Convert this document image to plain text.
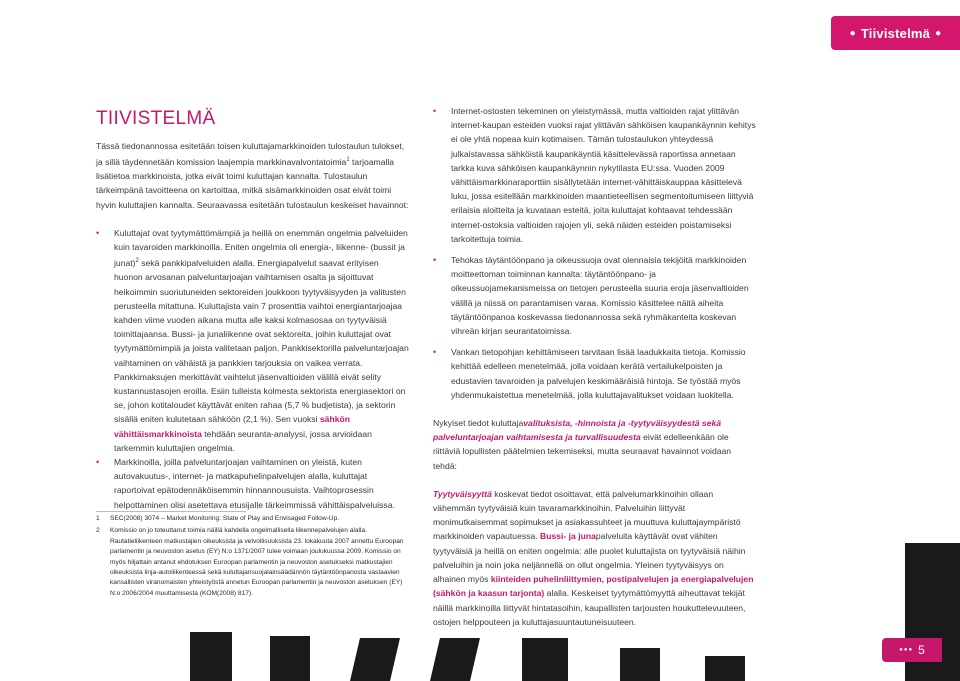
● Tiivistelmä ●
TIIVISTELMÄ

Tässä tiedonannossa esitetään toisen kuluttajamarkkinoiden tulostaulun tulokset, ja sillä täydennetään komission laajempia markkinavalvontatoimia$^1$ tarjoamalla lisätietoa markkinoista, jotka eivät toimi kuluttajan kannalta. Tulostaulun tärkeimpänä tavoitteena on kartoittaa, mitkä sisämarkkinoiden osat eivät toimi hyvin kuluttajien kannalta. Seuraavassa esitetään tulostaulun keskeiset havainnot:

• Kuluttajat ovat tyytymättömämpiä ja heillä on enemmän ongelmia palveluiden kuin tavaroiden markkinoilla. Eniten ongelmia oli energia-, liikenne- (bussit ja junat)$^2$ sekä pankkipalveluiden alalla. Energiapalvelut saavat erityisen huonon arvosanan palveluntarjoajan vaihtamisen osalta ja sijoittuvat heikoimmin suoriutuneiden sektoreiden joukkoon tyytyväisyyden ja valitusten perusteella mitattuna. Kuluttajista vain 7 prosenttia vaihtoi energiantarjoajaa kahden viime vuoden aikana mutta alle kaksi kolmasosaa on tyytyväisiä toimittajaansa. Bussi- ja junaliikenne ovat sektoreita, joihin kuluttajat ovat tyytymättömimpiä ja joista valitetaan paljon. Pankkisektorilla palveluntarjoajan vaihtaminen on vähäistä ja pankkien tarjouksia on vaikea verrata. Pankkimaksujen merkittävät vaihtelut jäsenvaltioiden välillä eivät selity kustannustasojen eroilla. Esiin tulleista kolmesta sektorista energiasektori on se, johon kotitaloudet käyttävät eniten rahaa (5,7 % budjetista), ja sektorin sisällä eniten kulutetaan sähköön (2,1 %). Sen vuoksi sähkön vähittäismarkkinoista tehdään seuranta-analyysi, jossa arvioidaan tarkemmin kuluttajien ongelmia.
• Markkinoilla, joilla palveluntarjoajan vaihtaminen on yleistä, kuten autovakuutus-, internet- ja matkapuhelinpalvelujen alalla, kuluttajat raportoivat epätodennäköisemmin hinnannousuista. Vaihtoprosessin helpottaminen olisi asetettava etusijalle tärkeimmissä vähittäispalveluissa.
1 SEC(2008) 3074 – Market Monitoring: State of Play and Envisaged Follow-Up.
2 Komissio on jo toteuttanut toimia näillä kahdella ongelmallisella liikennepalvelujen alalla. Rautatieliikenteen matkustajien oikeuksista ja velvollisuuksista 23. lokakuuta 2007 annettu Euroopan parlamentin ja neuvoston asetus (EY) N:o 1371/2007 tulee voimaan joulukuussa 2009. Komissio on myös hiljattain antanut ehdotuksen Euroopan parlamentin ja neuvoston asetukseksi matkustajien oikeuksista linja-autoliikenteessä sekä kuluttajansuojalainsäädännön täytäntöönpanosta vastaavien kansallisten viranomaisten yhteistyöstä annetun Euroopan parlamentin ja neuvoston asetuksen (EY) N:o 2006/2004 muuttamisesta (KOM(2008) 817).
• Internet-ostosten tekeminen on yleistymässä, mutta valtioiden rajat ylittävän internet-kaupan esteiden vuoksi rajat ylittävän sähköisen kaupankäynnin kehitys ei ole yhtä nopeaa kuin kotimaisen. Tämän tulostaulukon yhteydessä julkaistavassa sähköistä kaupankäyntiä käsittelevässä raportissa annetaan tarkka kuva sähköisen kaupankäynnin nykytilasta EU:ssa. Vuoden 2009 vähittäismarkkinaraporttiin sisällytetään internet-vähittäiskauppaa käsittelevä luku, jossa esitellään markkinoiden maantieteellisen segmentoitumiseen liittyviä erilaisia aloitteita ja kuvataan esteitä, joita kuluttajat kohtaavat tehdessään internet-ostoksia valtioiden rajojen yli, sekä näiden esteiden poistamiseksi tarkoitettuja toimia.
• Tehokas täytäntöönpano ja oikeussuoja ovat olennaisia tekijöitä markkinoiden moitteettoman toiminnan kannalta: täytäntöönpano- ja oikeussuojamekanismeissa on tietojen perusteella suuria eroja jäsenvaltioiden välillä ja niissä on parantamisen varaa. Komissio käsittelee näitä aiheita täytäntöönpanoa koskevassa tiedonannossa sekä ryhmäkanteita koskevan vihreän kirjan seurantatoimissa.
• Vankan tietopohjan kehittämiseen tarvitaan lisää laadukkaita tietoja. Komissio kehittää edelleen menetelmää, jolla voidaan kerätä vertailukelpoisten ja edustavien tavaroiden ja palvelujen keskimääräisiä hintoja. Se työstää myös yhdenmukaistettua menetelmää, jolla kuluttajavalitukset voidaan luokitella.

Nykyiset tiedot kuluttajavalituksista, -hinnoista ja -tyytyväisyydestä sekä palveluntarjoajan vaihtamisesta ja turvallisuudesta eivät edelleenkään ole riittäviä lopullisten päätelmien tekemiseksi, mutta seuraavat havainnot voidaan tehdä:

Tyytyväisyyttä koskevat tiedot osoittavat, että palvelumarkkinoihin ollaan vähemmän tyytyväisiä kuin tavaramarkkinoihin. Palveluihin liittyvät monimutkaisemmat sopimukset ja asiakassuhteet ja muuttuva kuluttajaympäristö markkinoiden vapautuessa. Bussi- ja junapalveluita käyttävät ovat vähiten tyytyväisiä ja heillä on eniten ongelmia: alle puolet kuluttajista on tyytyväisiä näihin palveluihin ja noin joka neljännellä on ollut ongelmia. Yleinen tyytyväisyys on alhainen myös kiinteiden puhelinliittymien, postipalvelujen ja energiapalvelujen (sähkön ja kaasun tarjonta) alalla. Keskeiset tyytymättömyyttä aiheuttavat tekijät näillä markkinoilla liittyvät hintatasoihin, kaupallisten tarjousten houkuttelevuuteen, ostojen helppouteen ja kuluttajasuuntautuneisuuteen.

●●● 5
